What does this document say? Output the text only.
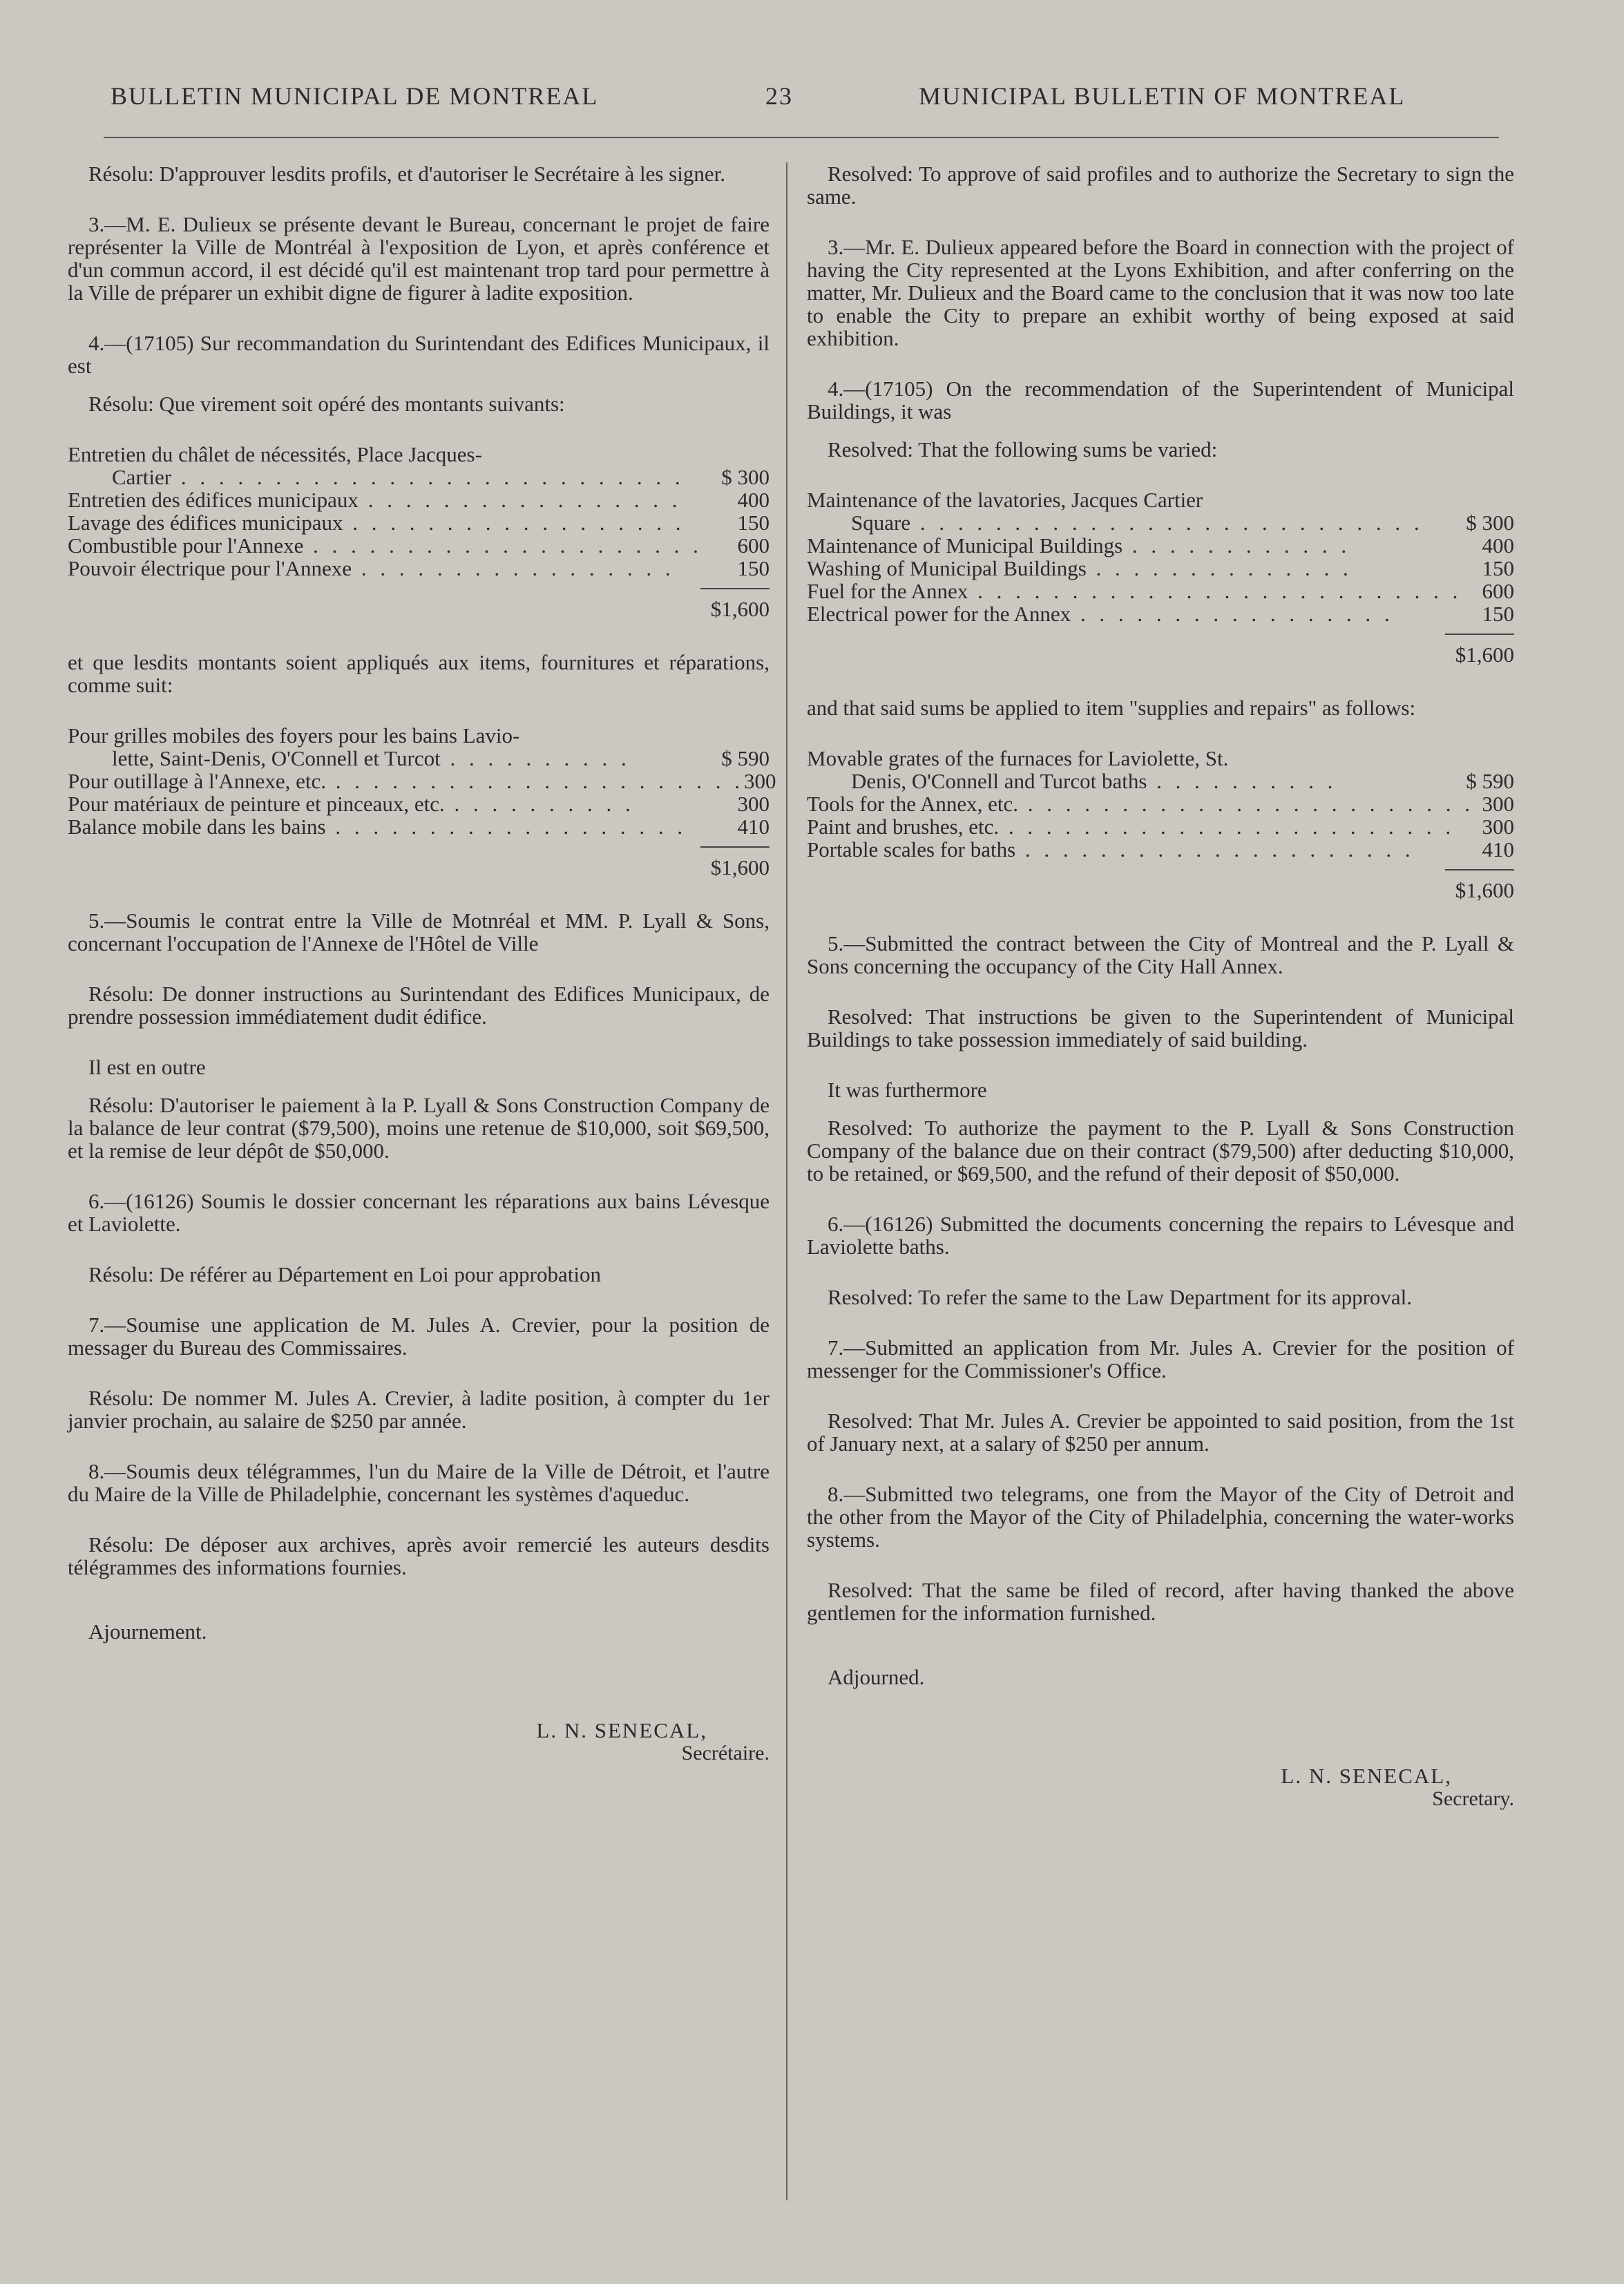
BULLETIN MUNICIPAL DE MONTREAL	23	MUNICIPAL BULLETIN OF MONTREAL

Résolu: D'approuver lesdits profils, et d'autoriser le Secrétaire à les signer.

3.—M. E. Dulieux se présente devant le Bureau, concernant le projet de faire représenter la Ville de Montréal à l'exposition de Lyon, et après conférence et d'un commun accord, il est décidé qu'il est maintenant trop tard pour permettre à la Ville de préparer un exhibit digne de figurer à ladite exposition.

4.—(17105) Sur recommandation du Surintendant des Edifices Municipaux, il est

Résolu: Que virement soit opéré des montants suivants:

Entretien du châlet de nécessités, Place Jacques-
Cartier . . . . . . . . . . . . . . . . . . . . . . . . . . .	$ 300
Entretien des édifices municipaux . . . . . . . . . . . . . . . . .	400
Lavage des édifices municipaux . . . . . . . . . . . . . . . . . .	150
Combustible pour l'Annexe . . . . . . . . . . . . . . . . . . . . .	600
Pouvoir électrique pour l'Annexe . . . . . . . . . . . . . . . . .	150
$1,600

et que lesdits montants soient appliqués aux items, fournitures et réparations, comme suit:

Pour grilles mobiles des foyers pour les bains Lavio-
lette, Saint-Denis, O'Connell et Turcot . . . . . . . . . .	$ 590
Pour outillage à l'Annexe, etc. . . . . . . . . . . . . . . . . . . . . . . 300
Pour matériaux de peinture et pinceaux, etc. . . . . . . . . . .	300
Balance mobile dans les bains . . . . . . . . . . . . . . . . . . .	410
$1,600

5.—Soumis le contrat entre la Ville de Motnréal et MM. P. Lyall & Sons, concernant l'occupation de l'Annexe de l'Hôtel de Ville

Résolu: De donner instructions au Surintendant des Edifices Municipaux, de prendre possession immédiatement dudit édifice.

Il est en outre

Résolu: D'autoriser le paiement à la P. Lyall & Sons Construction Company de la balance de leur contrat ($79,500), moins une retenue de $10,000, soit $69,500, et la remise de leur dépôt de $50,000.

6.—(16126) Soumis le dossier concernant les réparations aux bains Lévesque et Laviolette.

Résolu: De référer au Département en Loi pour approbation

7.—Soumise une application de M. Jules A. Crevier, pour la position de messager du Bureau des Commissaires.

Résolu: De nommer M. Jules A. Crevier, à ladite position, à compter du 1er janvier prochain, au salaire de $250 par année.

8.—Soumis deux télégrammes, l'un du Maire de la Ville de Détroit, et l'autre du Maire de la Ville de Philadelphie, concernant les systèmes d'aqueduc.

Résolu: De déposer aux archives, après avoir remercié les auteurs desdits télégrammes des informations fournies.

Ajournement.

L. N. SENECAL,
Secrétaire.

Resolved: To approve of said profiles and to authorize the Secretary to sign the same.

3.—Mr. E. Dulieux appeared before the Board in connection with the project of having the City represented at the Lyons Exhibition, and after conferring on the matter, Mr. Dulieux and the Board came to the conclusion that it was now too late to enable the City to prepare an exhibit worthy of being exposed at said exhibition.

4.—(17105) On the recommendation of the Superintendent of Municipal Buildings, it was

Resolved: That the following sums be varied:

Maintenance of the lavatories, Jacques Cartier
Square . . . . . . . . . . . . . . . . . . . . . . . . . . .	$ 300
Maintenance of Municipal Buildings . . . . . . . . . . . .	400
Washing of Municipal Buildings . . . . . . . . . . . . . .	150
Fuel for the Annex . . . . . . . . . . . . . . . . . . . . . . . . . . 600
Electrical power for the Annex . . . . . . . . . . . . . . . . .	150
$1,600

and that said sums be applied to item "supplies and repairs" as follows:

Movable grates of the furnaces for Laviolette, St.
Denis, O'Connell and Turcot baths . . . . . . . . . .	$ 590
Tools for the Annex, etc. . . . . . . . . . . . . . . . . . . . . . . . . 300
Paint and brushes, etc. . . . . . . . . . . . . . . . . . . . . . . . .	300
Portable scales for baths . . . . . . . . . . . . . . . . . . . . .	410
$1,600

5.—Submitted the contract between the City of Montreal and the P. Lyall & Sons concerning the occupancy of the City Hall Annex.

Resolved: That instructions be given to the Superintendent of Municipal Buildings to take possession immediately of said building.

It was furthermore

Resolved: To authorize the payment to the P. Lyall & Sons Construction Company of the balance due on their contract ($79,500) after deducting $10,000, to be retained, or $69,500, and the refund of their deposit of $50,000.

6.—(16126) Submitted the documents concerning the repairs to Lévesque and Laviolette baths.

Resolved: To refer the same to the Law Department for its approval.

7.—Submitted an application from Mr. Jules A. Crevier for the position of messenger for the Commissioner's Office.

Resolved: That Mr. Jules A. Crevier be appointed to said position, from the 1st of January next, at a salary of $250 per annum.

8.—Submitted two telegrams, one from the Mayor of the City of Detroit and the other from the Mayor of the City of Philadelphia, concerning the water-works systems.

Resolved: That the same be filed of record, after having thanked the above gentlemen for the information furnished.

Adjourned.

L. N. SENECAL,
Secretary.
